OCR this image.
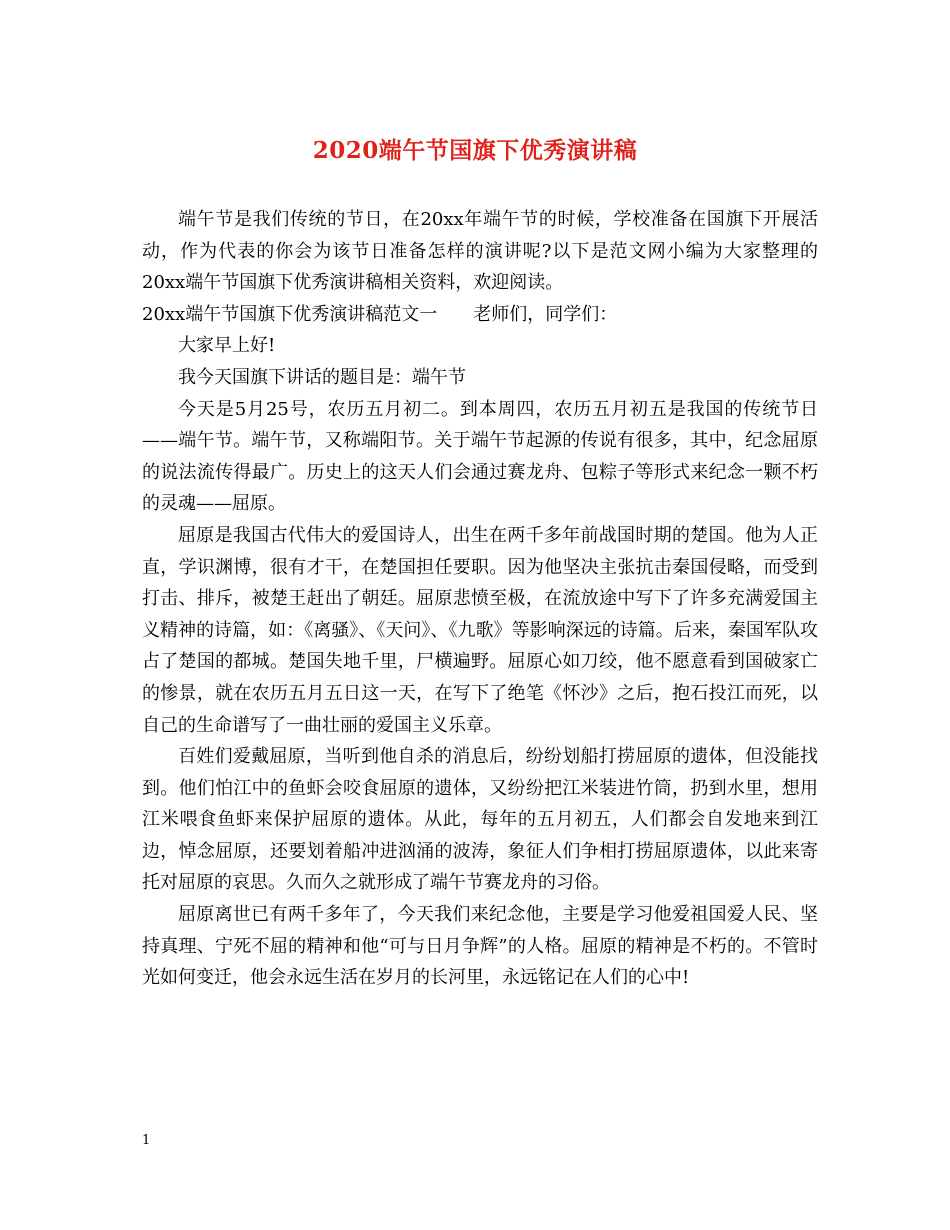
2020端午节国旗下优秀演讲稿

端午节是我们传统的节日，在20xx年端午节的时候，学校准备在国旗下开展活动，作为代表的你会为该节日准备怎样的演讲呢?以下是范文网小编为大家整理的20xx端午节国旗下优秀演讲稿相关资料，欢迎阅读。

20xx端午节国旗下优秀演讲稿范文一　　老师们，同学们：

大家早上好!

我今天国旗下讲话的题目是：端午节

今天是5月25号，农历五月初二。到本周四，农历五月初五是我国的传统节日——端午节。端午节，又称端阳节。关于端午节起源的传说有很多，其中，纪念屈原的说法流传得最广。历史上的这天人们会通过赛龙舟、包粽子等形式来纪念一颗不朽的灵魂——屈原。

屈原是我国古代伟大的爱国诗人，出生在两千多年前战国时期的楚国。他为人正直，学识渊博，很有才干，在楚国担任要职。因为他坚决主张抗击秦国侵略，而受到打击、排斥，被楚王赶出了朝廷。屈原悲愤至极，在流放途中写下了许多充满爱国主义精神的诗篇，如：《离骚》、《天问》、《九歌》等影响深远的诗篇。后来，秦国军队攻占了楚国的都城。楚国失地千里，尸横遍野。屈原心如刀绞，他不愿意看到国破家亡的惨景，就在农历五月五日这一天，在写下了绝笔《怀沙》之后，抱石投江而死，以自己的生命谱写了一曲壮丽的爱国主义乐章。

百姓们爱戴屈原，当听到他自杀的消息后，纷纷划船打捞屈原的遗体，但没能找到。他们怕江中的鱼虾会咬食屈原的遗体，又纷纷把江米装进竹筒，扔到水里，想用江米喂食鱼虾来保护屈原的遗体。从此，每年的五月初五，人们都会自发地来到江边，悼念屈原，还要划着船冲进汹涌的波涛，象征人们争相打捞屈原遗体，以此来寄托对屈原的哀思。久而久之就形成了端午节赛龙舟的习俗。

屈原离世已有两千多年了，今天我们来纪念他，主要是学习他爱祖国爱人民、坚持真理、宁死不屈的精神和他“可与日月争辉”的人格。屈原的精神是不朽的。不管时光如何变迁，他会永远生活在岁月的长河里，永远铭记在人们的心中!

1
